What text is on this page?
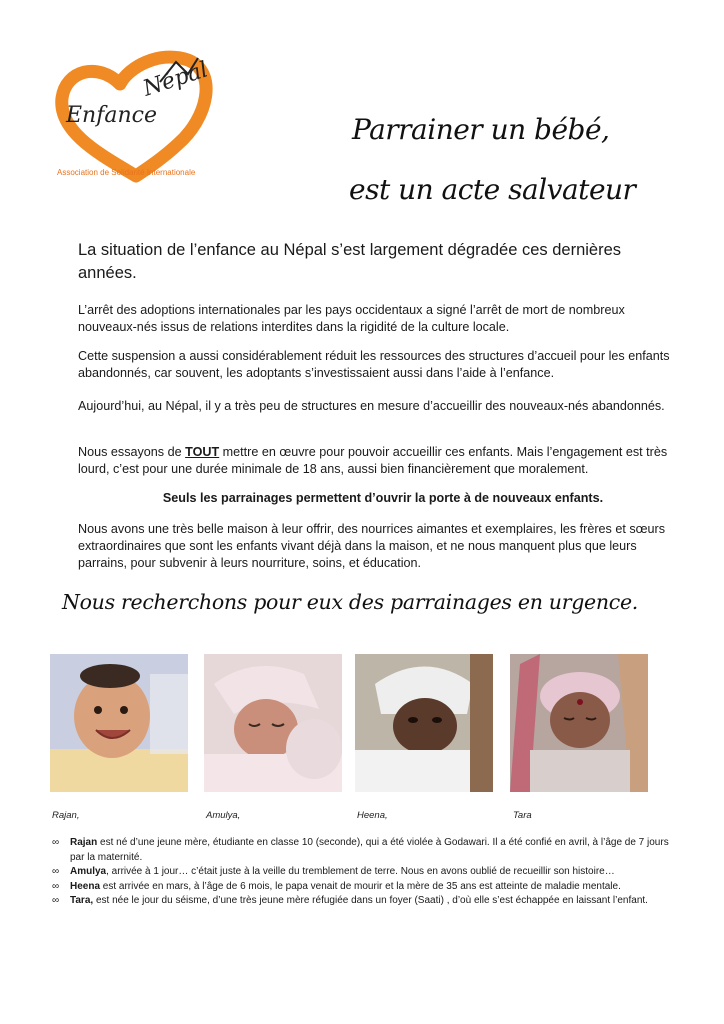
Enfance
Népal
Association de Solidarité Internationale
Parrainer un bébé,
est un acte salvateur
La situation de l’enfance au Népal s’est largement dégradée ces dernières années.
L’arrêt des adoptions internationales par les pays occidentaux a signé l’arrêt de mort de nombreux nouveaux-nés issus de relations interdites dans la rigidité de la culture locale.
Cette suspension a aussi considérablement réduit les ressources des structures d’accueil pour les enfants abandonnés, car souvent, les adoptants s’investissaient aussi dans l’aide à l’enfance.
Aujourd’hui, au Népal, il y a très peu de structures en mesure d’accueillir des nouveaux-nés abandonnés.
Nous essayons de TOUT mettre en œuvre pour pouvoir accueillir ces enfants. Mais l’engagement est très lourd, c’est pour une durée minimale de 18 ans, aussi bien financièrement que moralement.
Seuls les parrainages permettent d’ouvrir la porte à de nouveaux enfants.
Nous avons une très belle maison à leur offrir, des nourrices aimantes et exemplaires, les frères et sœurs extraordinaires que sont les enfants vivant déjà dans la maison, et ne nous manquent plus que leurs parrains, pour subvenir à leurs nourriture, soins, et éducation.
Nous recherchons pour eux des parrainages en urgence.
Rajan,	Amulya,	Heena,	Tara
∞ Rajan est né d’une jeune mère, étudiante en classe 10 (seconde), qui a été violée à Godawari. Il a été confié en avril, à l’âge de 7 jours par la maternité.
∞ Amulya, arrivée à 1 jour… c’était juste à la veille du tremblement de terre. Nous en avons oublié de recueillir son histoire…
∞ Heena est arrivée en mars, à l’âge de 6 mois, le papa venait de mourir et la mère de 35 ans est atteinte de maladie mentale.
∞ Tara, est née le jour du séisme, d’une très jeune mère réfugiée dans un foyer (Saati) , d’où elle s’est échappée en laissant l’enfant.
